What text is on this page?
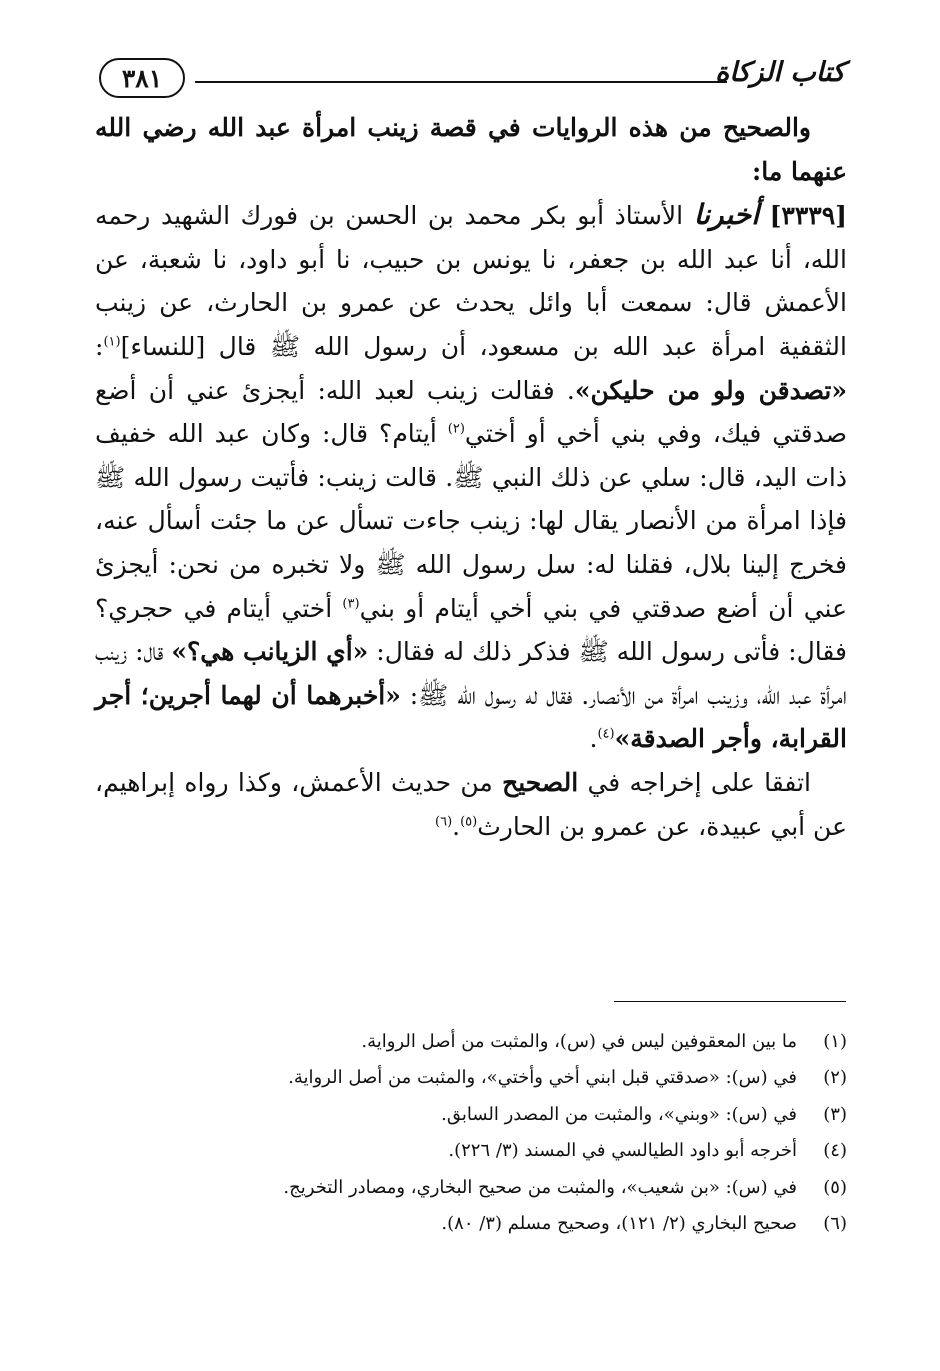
كتاب الزكاة
٣٨١

والصحيح من هذه الروايات في قصة زينب امرأة عبد الله رضي الله عنهما ما:

[٣٣٣٩] أخبرنا الأستاذ أبو بكر محمد بن الحسن بن فورك الشهيد رحمه الله، أنا عبد الله بن جعفر، نا يونس بن حبيب، نا أبو داود، نا شعبة، عن الأعمش قال: سمعت أبا وائل يحدث عن عمرو بن الحارث، عن زينب الثقفية امرأة عبد الله بن مسعود، أن رسول الله ﷺ قال [للنساء]$^{(١)}$: «تصدقن ولو من حليكن». فقالت زينب لعبد الله: أيجزئ عني أن أضع صدقتي فيك، وفي بني أخي أو أختي$^{(٢)}$ أيتام؟ قال: وكان عبد الله خفيف ذات اليد، قال: سلي عن ذلك النبي ﷺ. قالت زينب: فأتيت رسول الله ﷺ فإذا امرأة من الأنصار يقال لها: زينب جاءت تسأل عن ما جئت أسأل عنه، فخرج إلينا بلال، فقلنا له: سل رسول الله ﷺ ولا تخبره من نحن: أيجزئ عني أن أضع صدقتي في بني أخي أيتام أو بني$^{(٣)}$ أختي أيتام في حجري؟ فقال: فأتى رسول الله ﷺ فذكر ذلك له فقال: «أي الزيانب هي؟» قال: زينب امرأة عبد الله، وزينب امرأة من الأنصار. فقال له رسول الله ﷺ: «أخبرهما أن لهما أجرين؛ أجر القرابة، وأجر الصدقة»$^{(٤)}$.

اتفقا على إخراجه في الصحيح من حديث الأعمش، وكذا رواه إبراهيم، عن أبي عبيدة، عن عمرو بن الحارث$^{(٥)}$.$^{(٦)}$

(١)
ما بين المعقوفين ليس في (س)، والمثبت من أصل الرواية.
(٢)
في (س): «صدقتي قبل ابني أخي وأختي»، والمثبت من أصل الرواية.
(٣)
في (س): «وبني»، والمثبت من المصدر السابق.
(٤)
أخرجه أبو داود الطيالسي في المسند (٣/ ٢٢٦).
(٥)
في (س): «بن شعيب»، والمثبت من صحيح البخاري، ومصادر التخريج.
(٦)
صحيح البخاري (٢/ ١٢١)، وصحيح مسلم (٣/ ٨٠).
